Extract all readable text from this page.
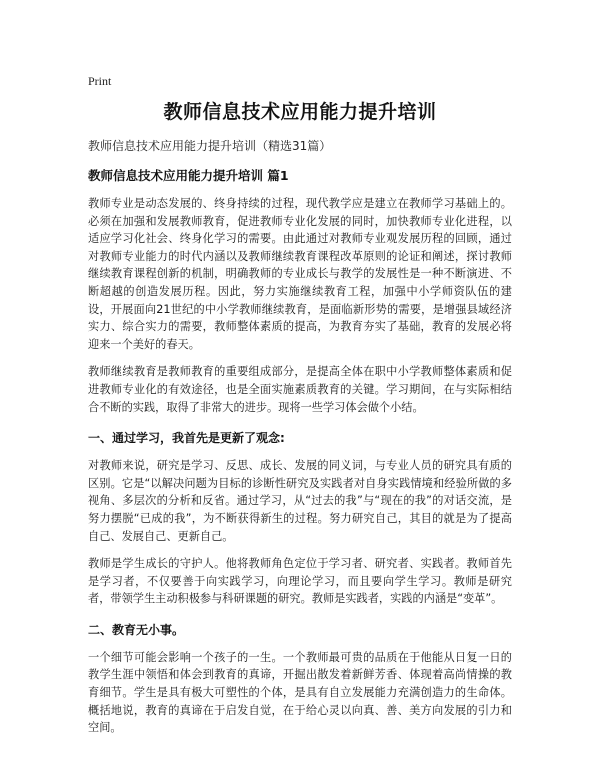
Print
教师信息技术应用能力提升培训

教师信息技术应用能力提升培训（精选31篇）

教师信息技术应用能力提升培训 篇1

教师专业是动态发展的、终身持续的过程，现代教学应是建立在教师学习基础上的。必须在加强和发展教师教育，促进教师专业化发展的同时，加快教师专业化进程，以适应学习化社会、终身化学习的需要。由此通过对教师专业观发展历程的回顾，通过对教师专业能力的时代内涵以及教师继续教育课程改革原则的论证和阐述，探讨教师继续教育课程创新的机制，明确教师的专业成长与教学的发展性是一种不断演进、不断超越的创造发展历程。因此，努力实施继续教育工程，加强中小学师资队伍的建设，开展面向21世纪的中小学教师继续教育，是面临新形势的需要，是增强县域经济实力、综合实力的需要，教师整体素质的提高，为教育夯实了基础，教育的发展必将迎来一个美好的春天。

教师继续教育是教师教育的重要组成部分，是提高全体在职中小学教师整体素质和促进教师专业化的有效途径，也是全面实施素质教育的关键。学习期间，在与实际相结合不断的实践，取得了非常大的进步。现将一些学习体会做个小结。

一、通过学习，我首先是更新了观念:

对教师来说，研究是学习、反思、成长、发展的同义词，与专业人员的研究具有质的区别。它是“以解决问题为目标的诊断性研究及实践者对自身实践情境和经验所做的多视角、多层次的分析和反省。通过学习，从“过去的我”与“现在的我”的对话交流，是努力摆脱“已成的我”，为不断获得新生的过程。努力研究自己，其目的就是为了提高自己、发展自己、更新自己。

教师是学生成长的守护人。他将教师角色定位于学习者、研究者、实践者。教师首先是学习者，不仅要善于向实践学习，向理论学习，而且要向学生学习。教师是研究者，带领学生主动积极参与科研课题的研究。教师是实践者，实践的内涵是“变革”。

二、教育无小事。

一个细节可能会影响一个孩子的一生。一个教师最可贵的品质在于他能从日复一日的教学生涯中领悟和体会到教育的真谛，开掘出散发着新鲜芳香、体现着高尚情操的教育细节。学生是具有极大可塑性的个体，是具有自立发展能力充满创造力的生命体。概括地说，教育的真谛在于启发自觉，在于给心灵以向真、善、美方向发展的引力和空间。
